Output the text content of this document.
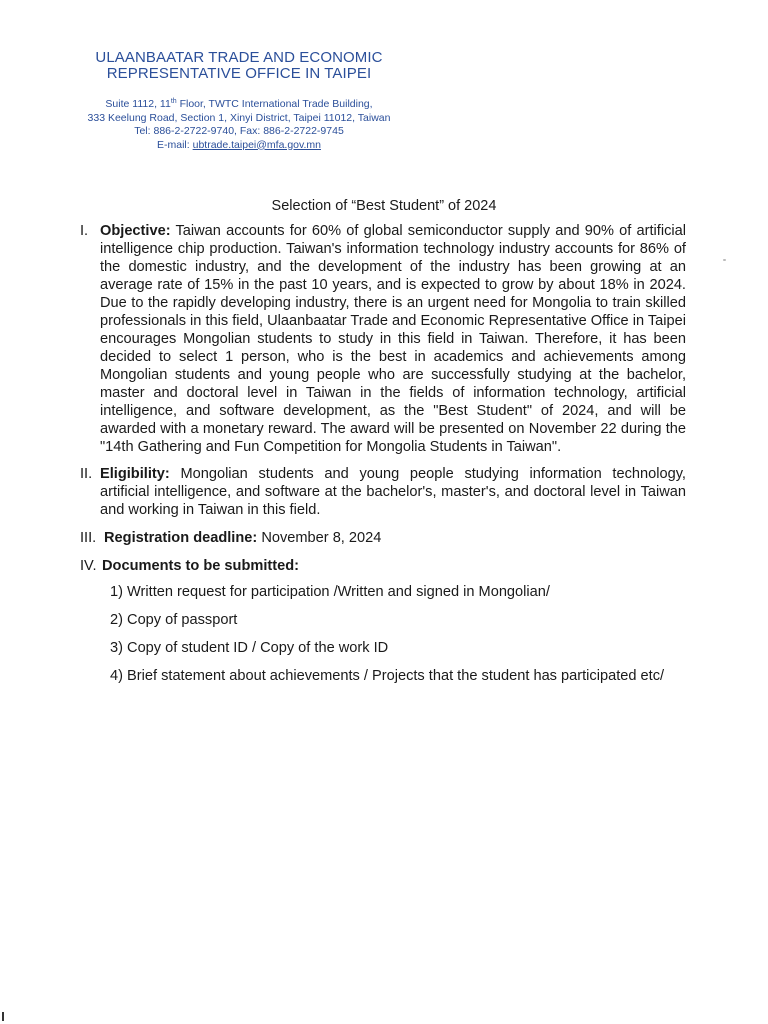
ULAANBAATAR TRADE AND ECONOMIC
REPRESENTATIVE OFFICE IN TAIPEI
Suite 1112, 11th Floor, TWTC International Trade Building,
333 Keelung Road, Section 1, Xinyi District, Taipei 11012, Taiwan
Tel: 886-2-2722-9740, Fax: 886-2-2722-9745
E-mail: ubtrade.taipei@mfa.gov.mn
Selection of “Best Student” of 2024
I. Objective: Taiwan accounts for 60% of global semiconductor supply and 90% of artificial intelligence chip production. Taiwan's information technology industry accounts for 86% of the domestic industry, and the development of the industry has been growing at an average rate of 15% in the past 10 years, and is expected to grow by about 18% in 2024. Due to the rapidly developing industry, there is an urgent need for Mongolia to train skilled professionals in this field, Ulaanbaatar Trade and Economic Representative Office in Taipei encourages Mongolian students to study in this field in Taiwan. Therefore, it has been decided to select 1 person, who is the best in academics and achievements among Mongolian students and young people who are successfully studying at the bachelor, master and doctoral level in Taiwan in the fields of information technology, artificial intelligence, and software development, as the "Best Student" of 2024, and will be awarded with a monetary reward. The award will be presented on November 22 during the "14th Gathering and Fun Competition for Mongolia Students in Taiwan".

II. Eligibility: Mongolian students and young people studying information technology, artificial intelligence, and software at the bachelor's, master's, and doctoral level in Taiwan and working in Taiwan in this field.

III. Registration deadline: November 8, 2024

IV. Documents to be submitted:

1) Written request for participation /Written and signed in Mongolian/
2) Copy of passport
3) Copy of student ID / Copy of the work ID
4) Brief statement about achievements / Projects that the student has participated etc/
